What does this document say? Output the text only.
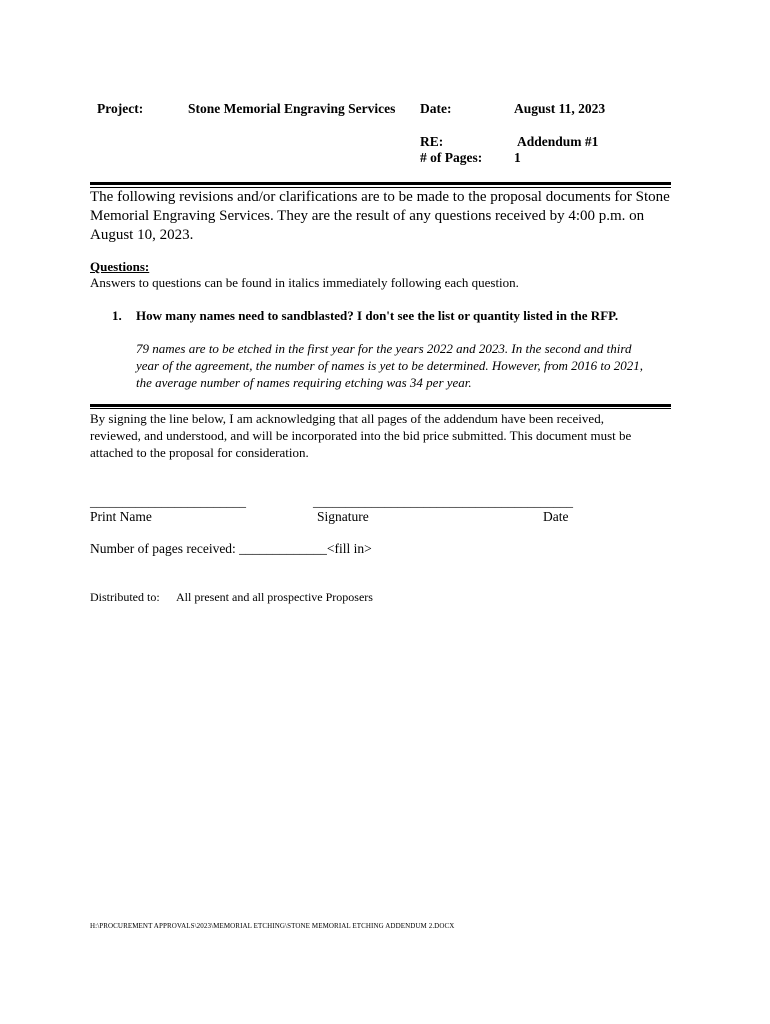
Project:	Stone Memorial Engraving Services Date:	August 11, 2023
RE:	Addendum #1
# of Pages: 1
The following revisions and/or clarifications are to be made to the proposal documents for Stone
Memorial Engraving Services. They are the result of any questions received by 4:00 p.m. on
August 10, 2023.
Questions:
Answers to questions can be found in italics immediately following each question.
1. How many names need to sandblasted? I don't see the list or quantity listed in the RFP.
79 names are to be etched in the first year for the years 2022 and 2023. In the second and third
year of the agreement, the number of names is yet to be determined. However, from 2016 to 2021,
the average number of names requiring etching was 34 per year.
By signing the line below, I am acknowledging that all pages of the addendum have been received,
reviewed, and understood, and will be incorporated into the bid price submitted. This document must be
attached to the proposal for consideration.
________________________	________________________________________
Print Name	Signature	Date
Number of pages received: _____________<fill in>
Distributed to: All present and all prospective Proposers
H:\PROCUREMENT APPROVALS\2023\MEMORIAL ETCHING\STONE MEMORIAL ETCHING ADDENDUM 2.DOCX
